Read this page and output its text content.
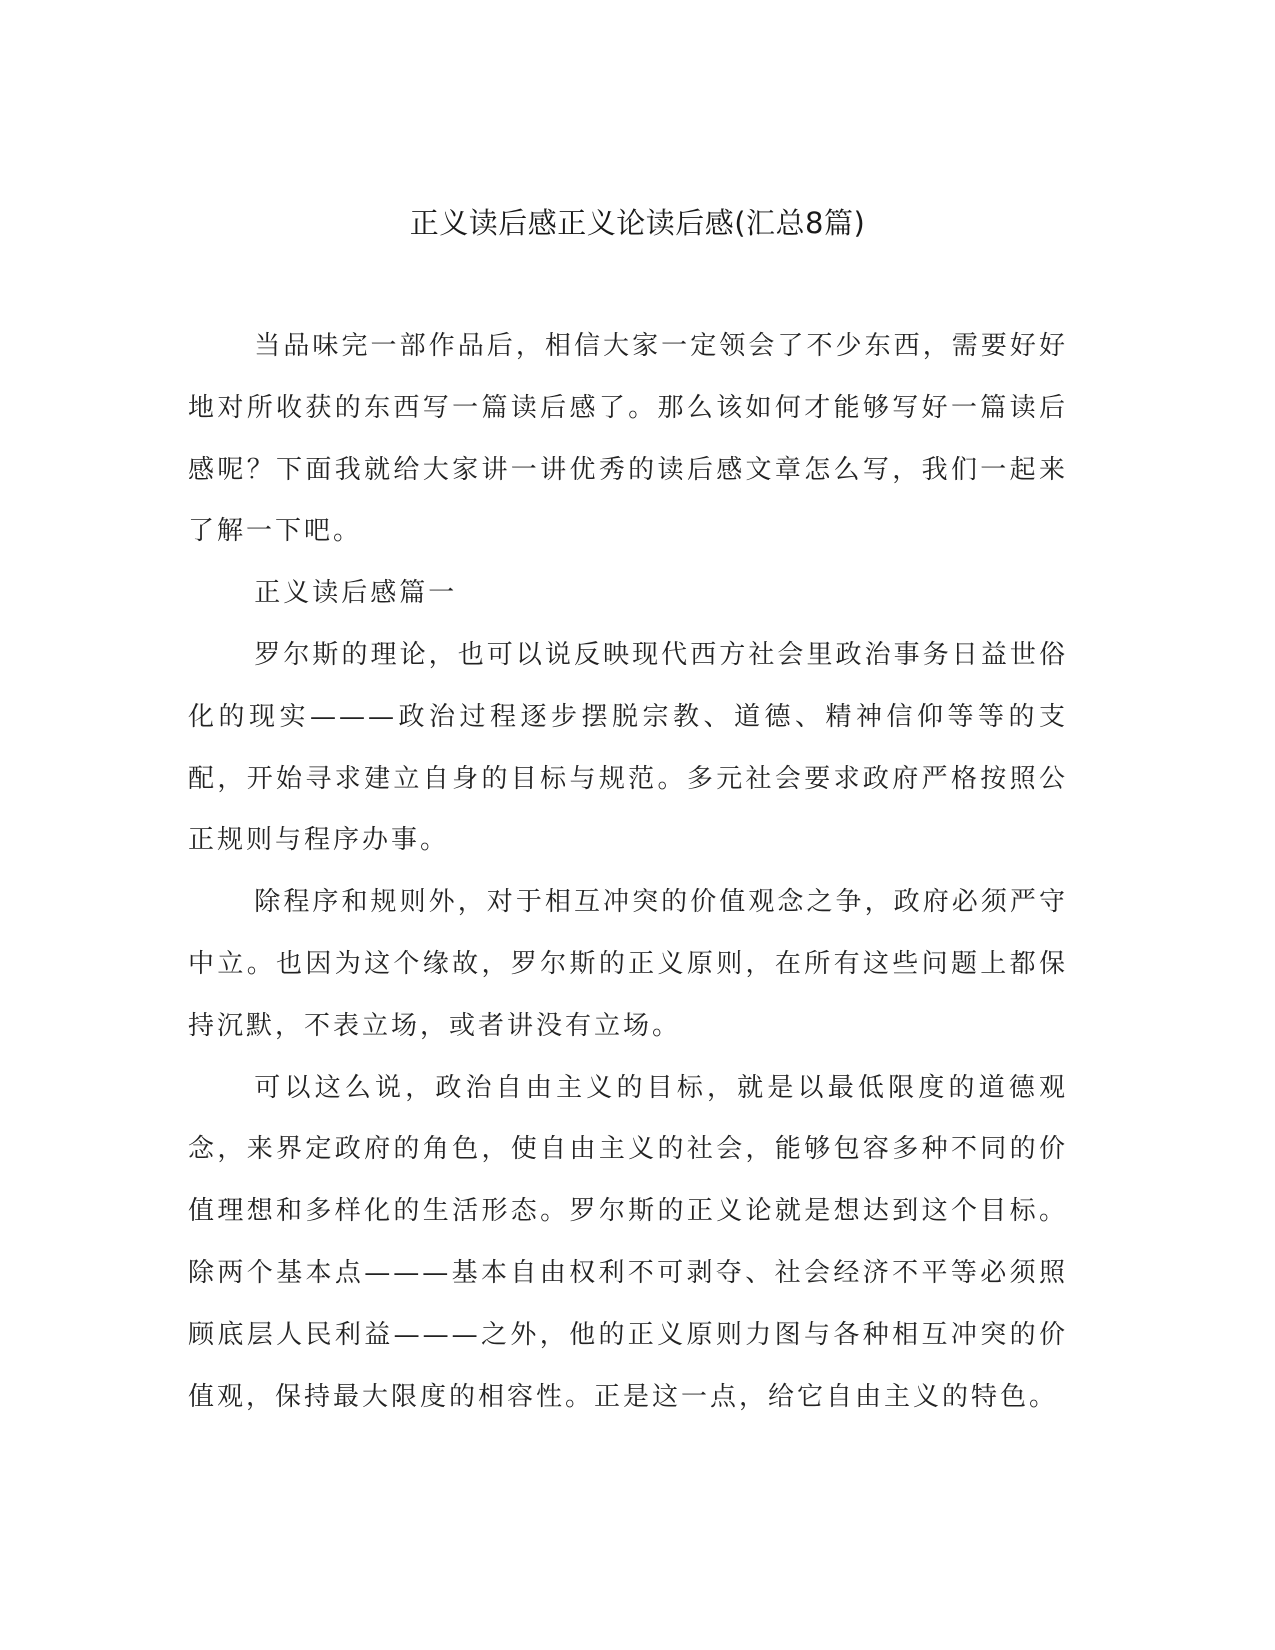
正义读后感正义论读后感(汇总8篇)

当品味完一部作品后，相信大家一定领会了不少东西，需要好好地对所收获的东西写一篇读后感了。那么该如何才能够写好一篇读后感呢？下面我就给大家讲一讲优秀的读后感文章怎么写，我们一起来了解一下吧。

正义读后感篇一

罗尔斯的理论，也可以说反映现代西方社会里政治事务日益世俗化的现实———政治过程逐步摆脱宗教、道德、精神信仰等等的支配，开始寻求建立自身的目标与规范。多元社会要求政府严格按照公正规则与程序办事。

除程序和规则外，对于相互冲突的价值观念之争，政府必须严守中立。也因为这个缘故，罗尔斯的正义原则，在所有这些问题上都保持沉默，不表立场，或者讲没有立场。

可以这么说，政治自由主义的目标，就是以最低限度的道德观念，来界定政府的角色，使自由主义的社会，能够包容多种不同的价值理想和多样化的生活形态。罗尔斯的正义论就是想达到这个目标。除两个基本点———基本自由权利不可剥夺、社会经济不平等必须照顾底层人民利益———之外，他的正义原则力图与各种相互冲突的价值观，保持最大限度的相容性。正是这一点，给它自由主义的特色。
